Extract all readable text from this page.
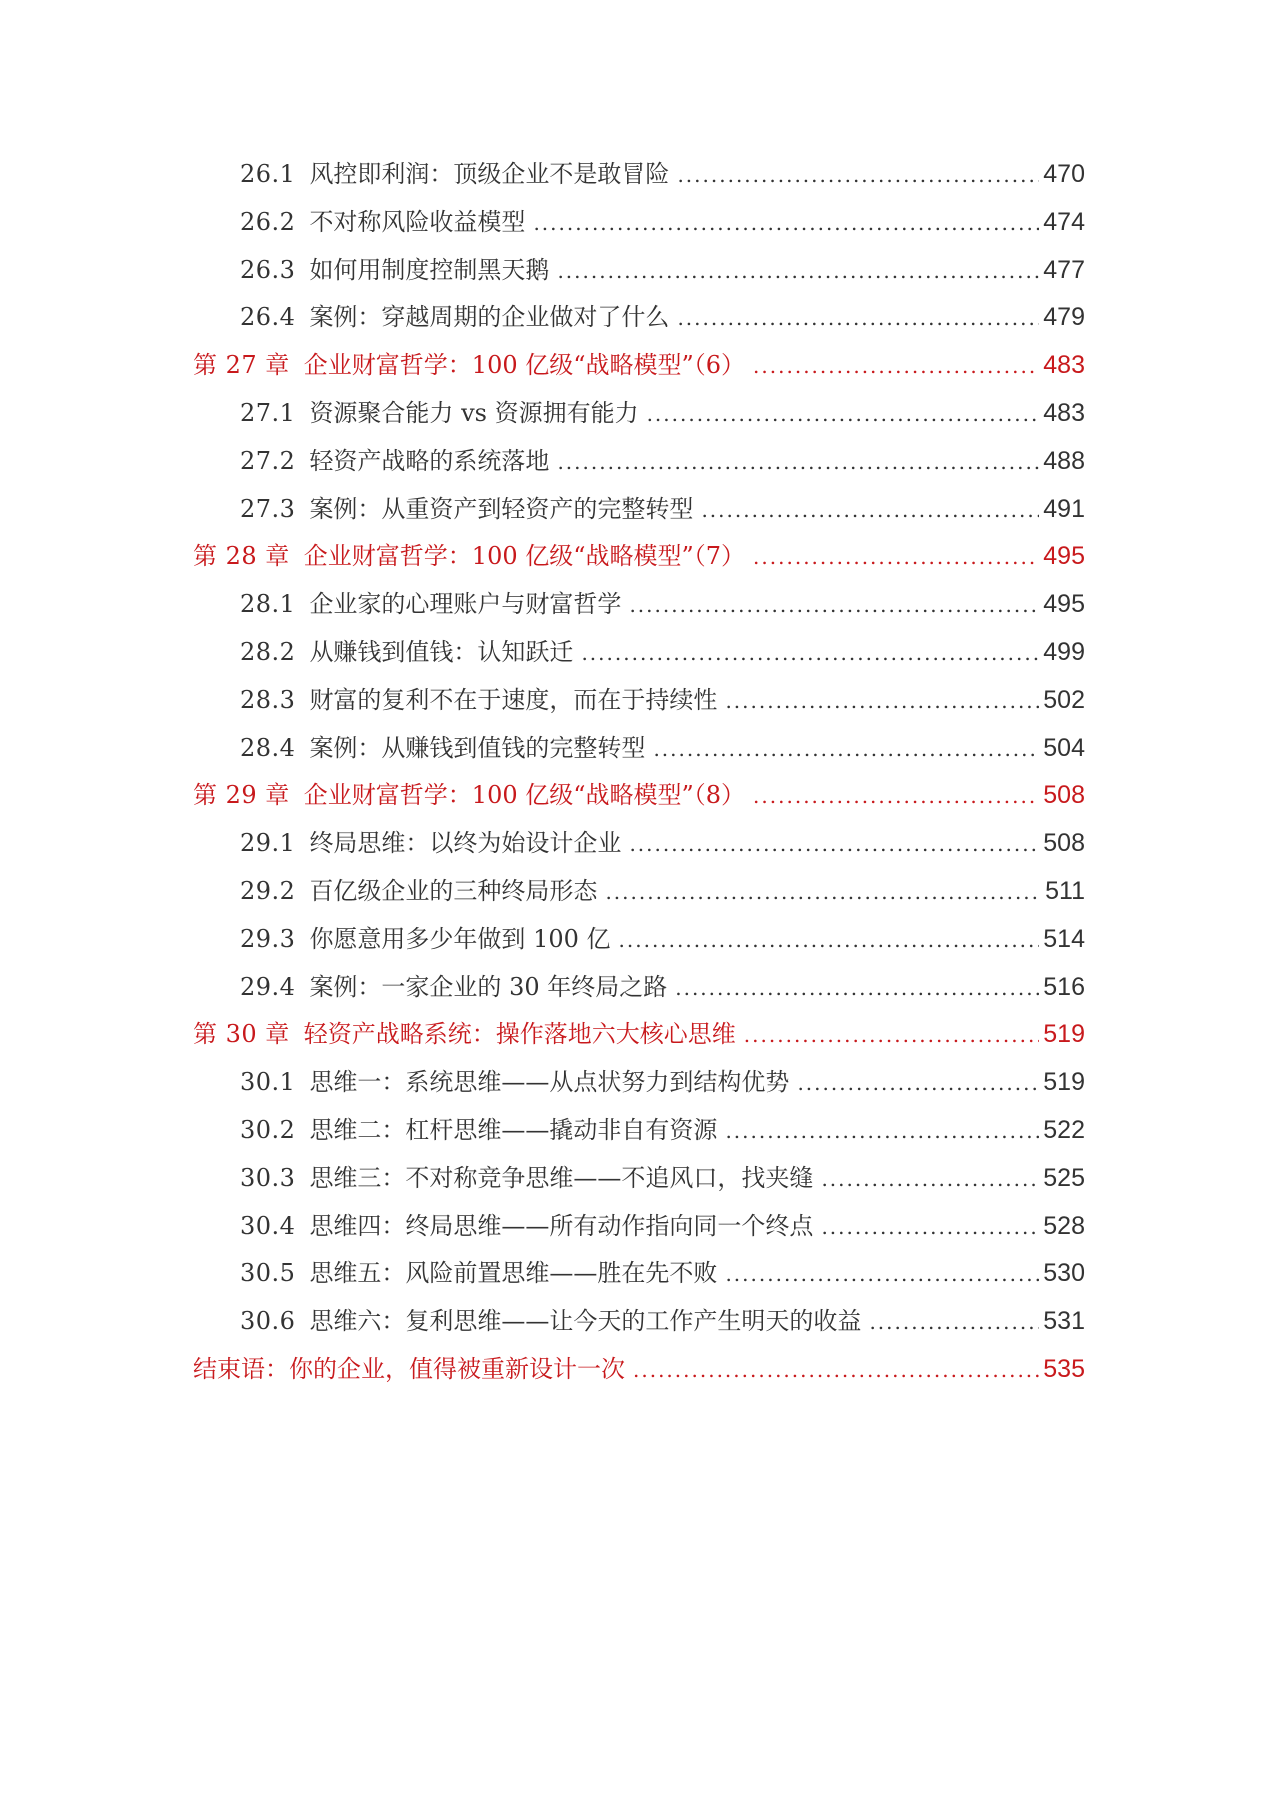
26.1 风控即利润：顶级企业不是敢冒险 .....	470
26.2 不对称风险收益模型 .....	474
26.3 如何用制度控制黑天鹅 .....	477
26.4 案例：穿越周期的企业做对了什么 .....	479
第 27 章 企业财富哲学：100 亿级“战略模型”（6） .....	483
27.1 资源聚合能力 vs 资源拥有能力 .....	483
27.2 轻资产战略的系统落地 .....	488
27.3 案例：从重资产到轻资产的完整转型 .....	491
第 28 章 企业财富哲学：100 亿级“战略模型”（7） .....	495
28.1 企业家的心理账户与财富哲学 .....	495
28.2 从赚钱到值钱：认知跃迁 .....	499
28.3 财富的复利不在于速度，而在于持续性 .....	502
28.4 案例：从赚钱到值钱的完整转型 .....	504
第 29 章 企业财富哲学：100 亿级“战略模型”（8） .....	508
29.1 终局思维：以终为始设计企业 .....	508
29.2 百亿级企业的三种终局形态 .....	511
29.3 你愿意用多少年做到 100 亿 .....	514
29.4 案例：一家企业的 30 年终局之路 .....	516
第 30 章 轻资产战略系统：操作落地六大核心思维 .....	519
30.1 思维一：系统思维——从点状努力到结构优势 .....	519
30.2 思维二：杠杆思维——撬动非自有资源 .....	522
30.3 思维三：不对称竞争思维——不追风口，找夹缝 .....	525
30.4 思维四：终局思维——所有动作指向同一个终点 .....	528
30.5 思维五：风险前置思维——胜在先不败 .....	530
30.6 思维六：复利思维——让今天的工作产生明天的收益 .....	531
结束语：你的企业，值得被重新设计一次 .....	535
